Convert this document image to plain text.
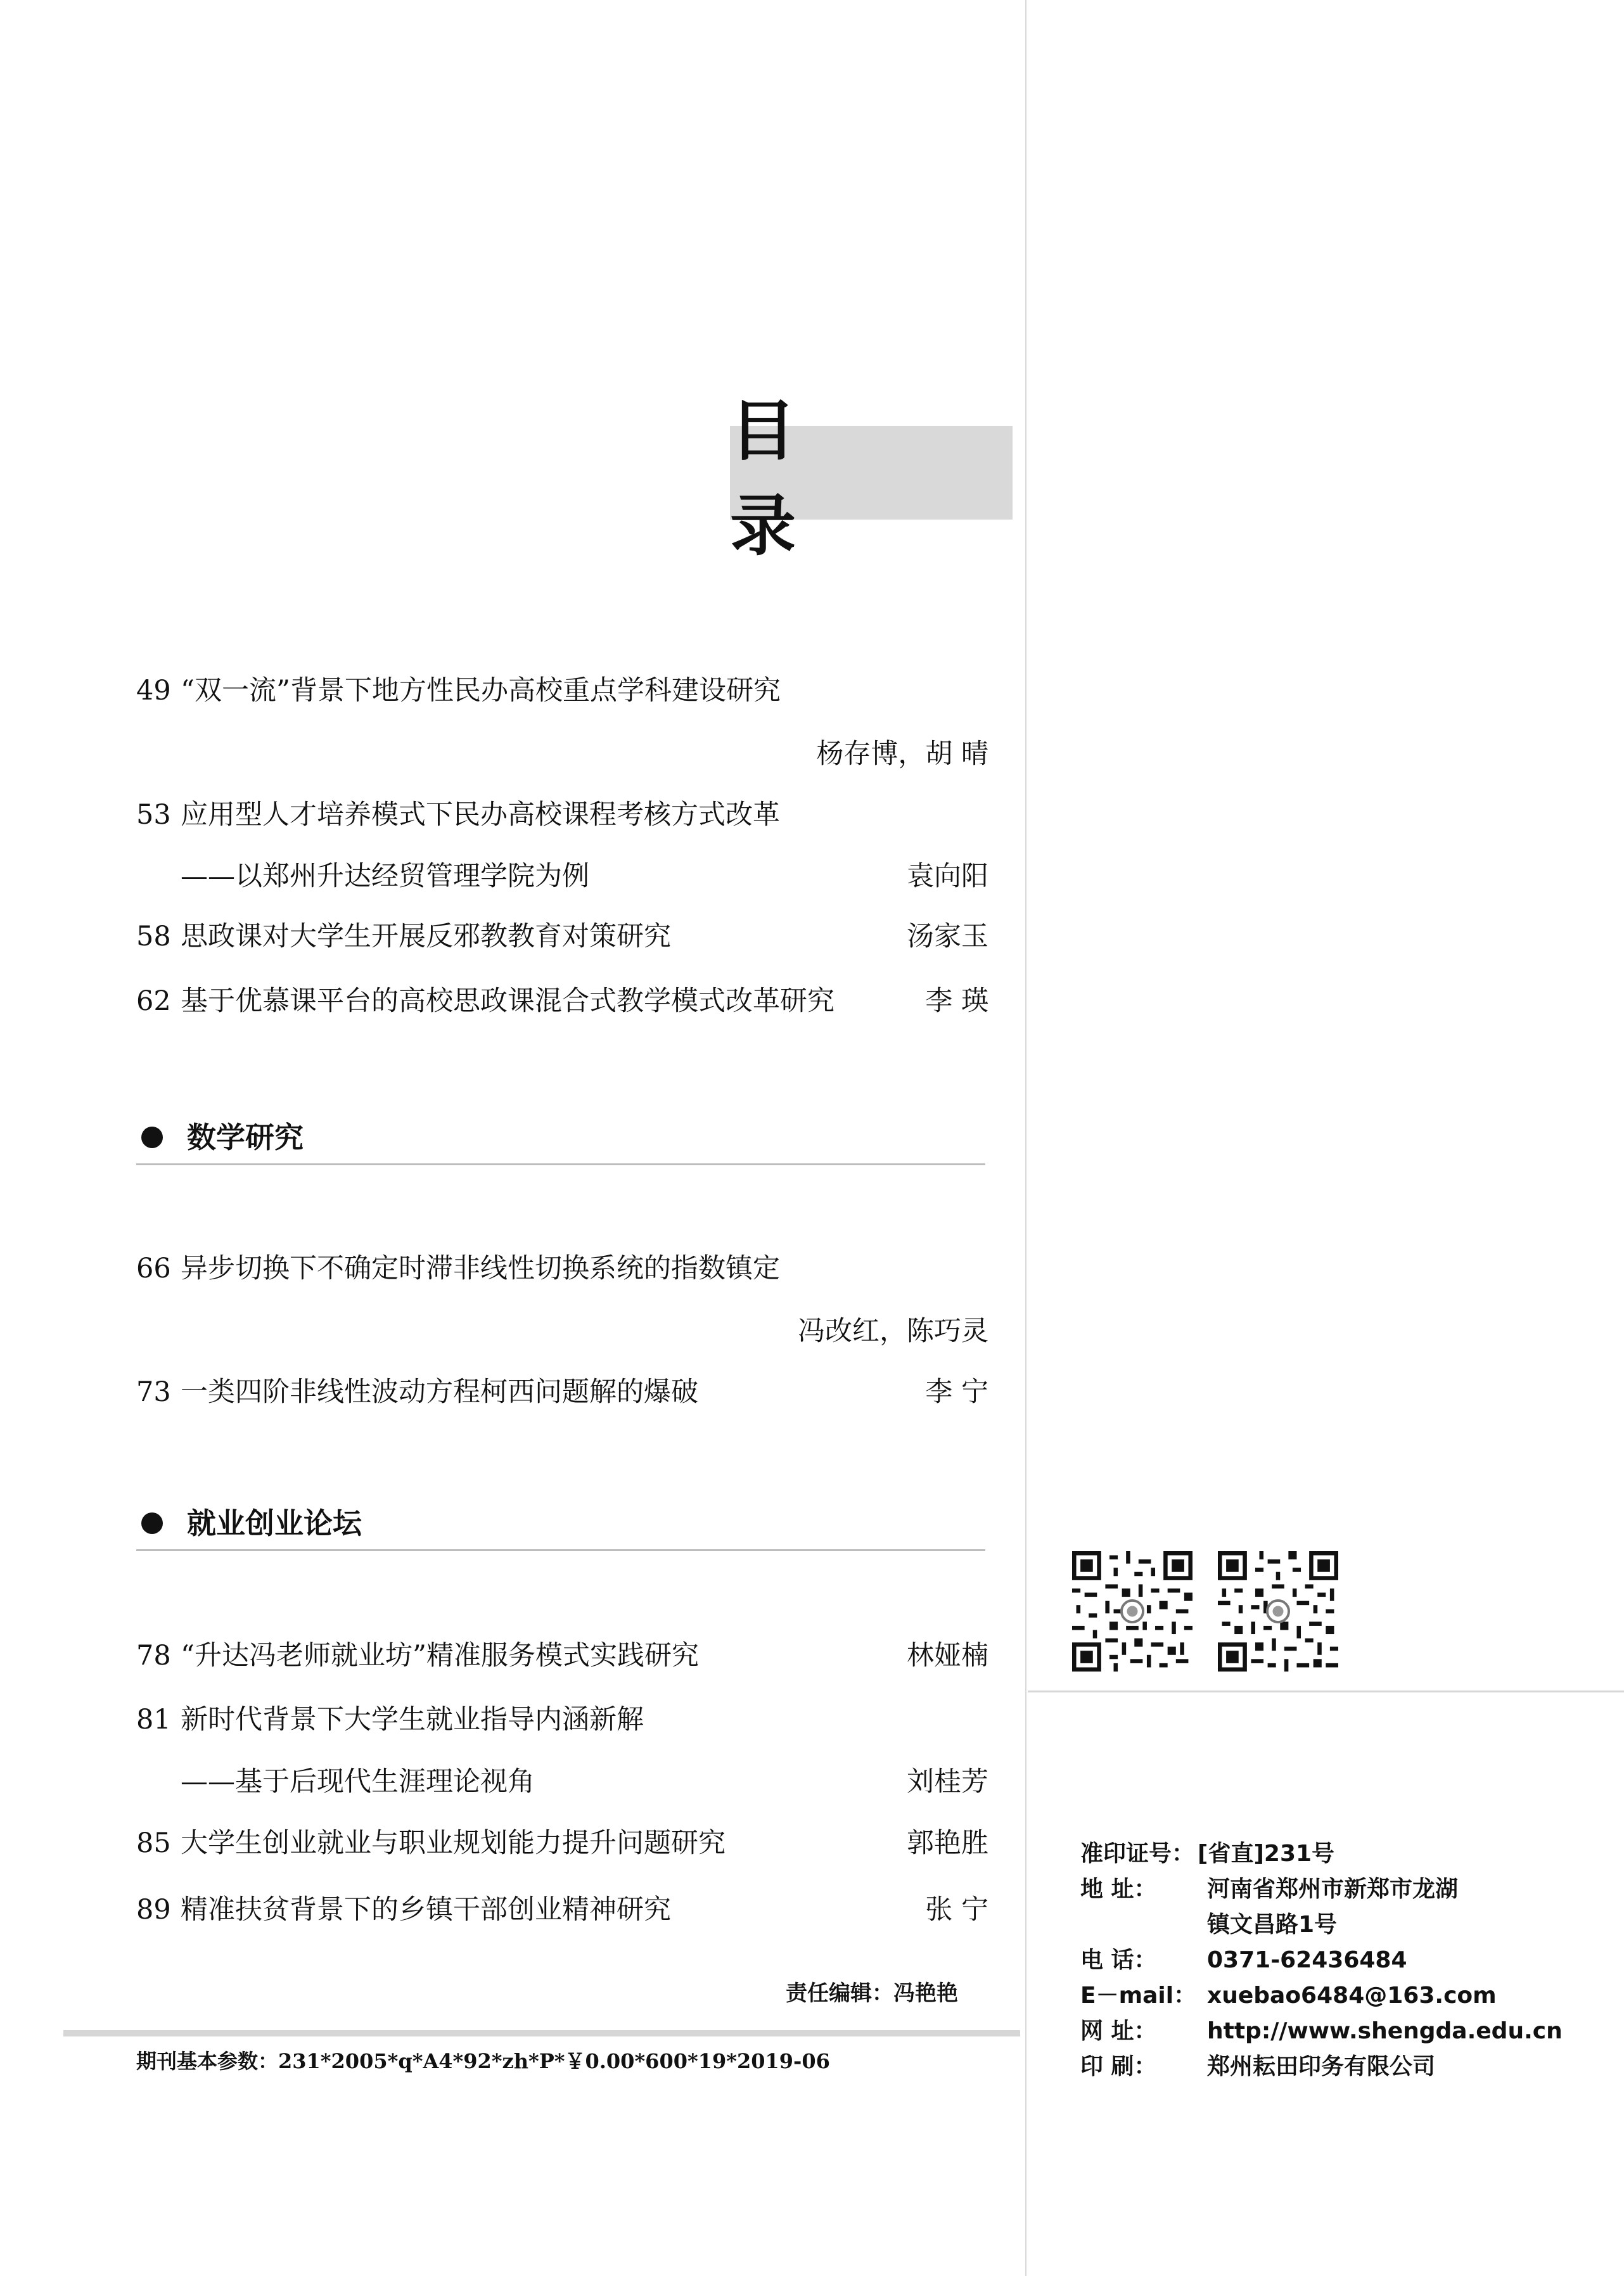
目 录
49 “双一流”背景下地方性民办高校重点学科建设研究
杨存博，胡 晴
53 应用型人才培养模式下民办高校课程考核方式改革
——以郑州升达经贸管理学院为例	袁向阳
58 思政课对大学生开展反邪教教育对策研究	汤家玉
62 基于优慕课平台的高校思政课混合式教学模式改革研究	李 瑛
数学研究
66 异步切换下不确定时滞非线性切换系统的指数镇定
冯改红，陈巧灵
73 一类四阶非线性波动方程柯西问题解的爆破	李 宁
就业创业论坛
78 “升达冯老师就业坊”精准服务模式实践研究	林娅楠
81 新时代背景下大学生就业指导内涵新解
——基于后现代生涯理论视角	刘桂芳
85 大学生创业就业与职业规划能力提升问题研究	郭艳胜
89 精准扶贫背景下的乡镇干部创业精神研究	张 宁
责任编辑：冯艳艳
期刊基本参数：231*2005*q*A4*92*zh*P*￥0.00*600*19*2019-06
准印证号： [省直]231号
地 址： 河南省郑州市新郑市龙湖
镇文昌路1号
电 话： 0371-62436484
E－mail： xuebao6484@163.com
网 址： http://www.shengda.edu.cn
印 刷： 郑州耘田印务有限公司
